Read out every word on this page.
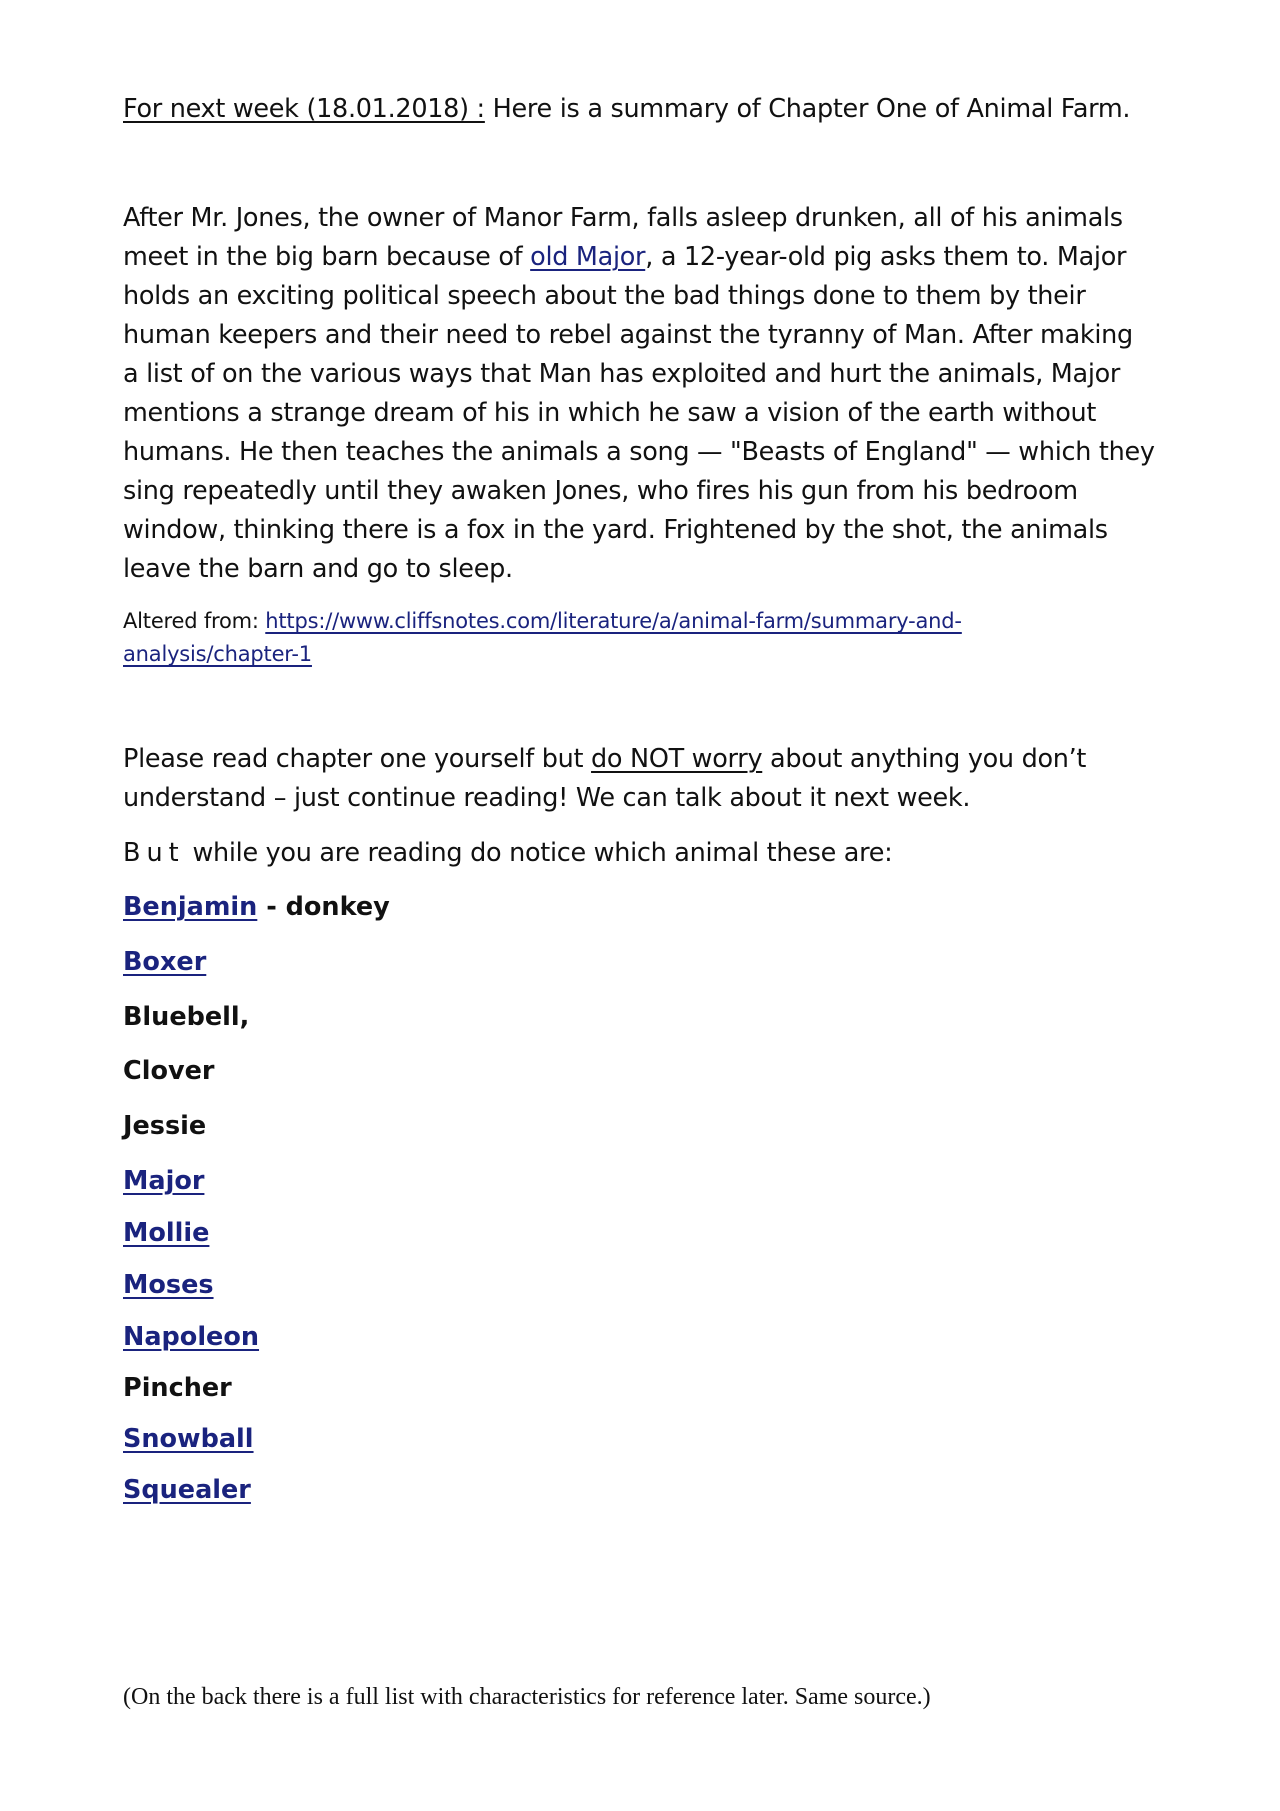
For next week (18.01.2018) : Here is a summary of Chapter One of Animal Farm.
After Mr. Jones, the owner of Manor Farm, falls asleep drunken, all of his animals
meet in the big barn because of old Major, a 12-year-old pig asks them to. Major
holds an exciting political speech about the bad things done to them by their
human keepers and their need to rebel against the tyranny of Man. After making
a list of on the various ways that Man has exploited and hurt the animals, Major
mentions a strange dream of his in which he saw a vision of the earth without
humans. He then teaches the animals a song — "Beasts of England" — which they
sing repeatedly until they awaken Jones, who fires his gun from his bedroom
window, thinking there is a fox in the yard. Frightened by the shot, the animals
leave the barn and go to sleep.
Altered from: https://www.cliffsnotes.com/literature/a/animal-farm/summary-and-
analysis/chapter-1
Please read chapter one yourself but do NOT worry about anything you don’t
understand – just continue reading! We can talk about it next week.
But while you are reading do notice which animal these are:
Benjamin - donkey
Boxer
Bluebell,
Clover
Jessie
Major
Mollie
Moses
Napoleon
Pincher
Snowball
Squealer
(On the back there is a full list with characteristics for reference later. Same source.)
